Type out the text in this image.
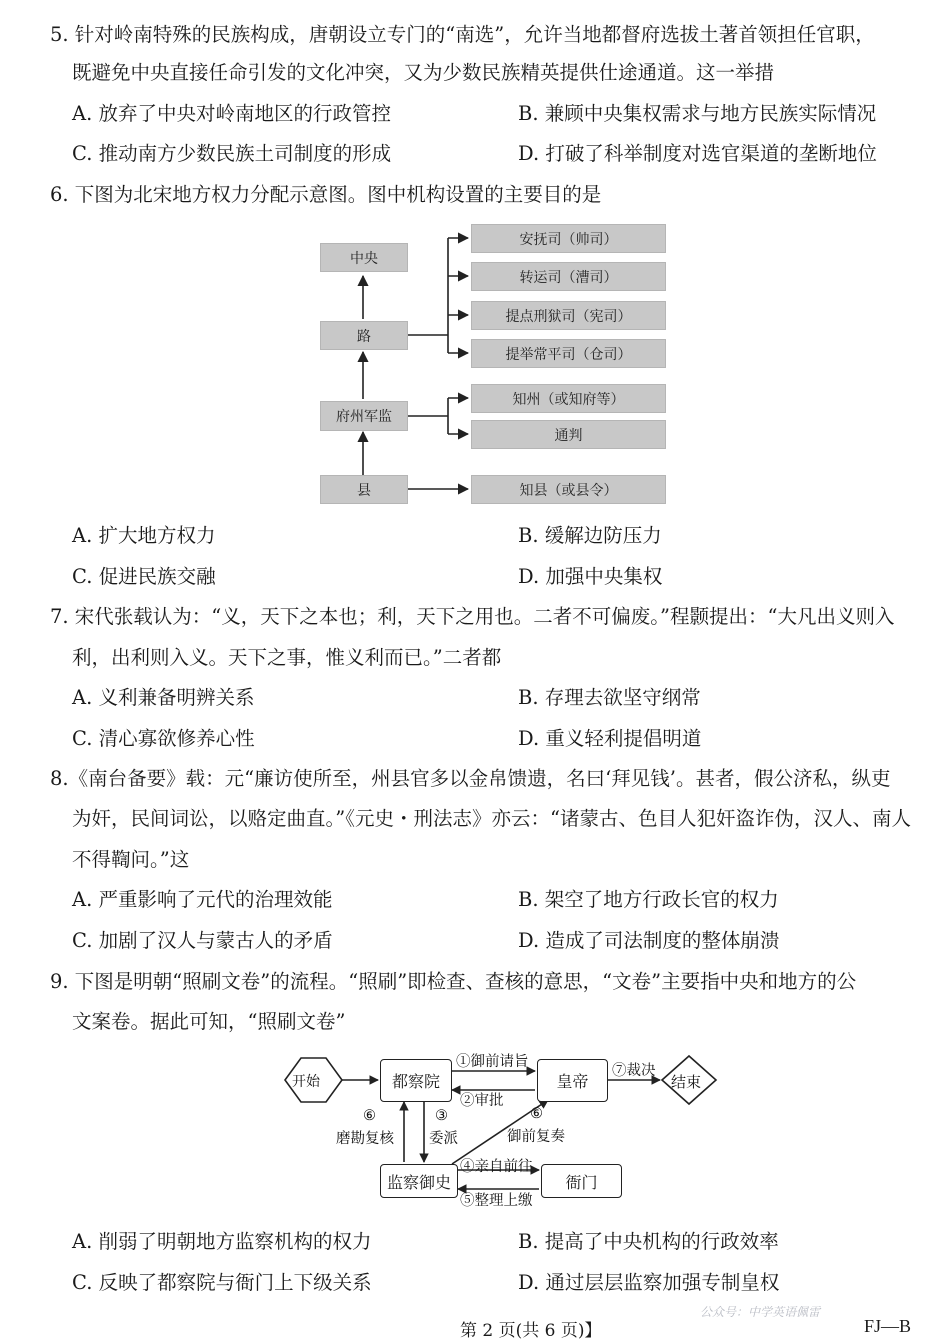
5. 针对岭南特殊的民族构成，唐朝设立专门的“南选”，允许当地都督府选拔土著首领担任官职，
既避免中央直接任命引发的文化冲突，又为少数民族精英提供仕途通道。这一举措
A. 放弃了中央对岭南地区的行政管控	B. 兼顾中央集权需求与地方民族实际情况
C. 推动南方少数民族土司制度的形成	D. 打破了科举制度对选官渠道的垄断地位
6. 下图为北宋地方权力分配示意图。图中机构设置的主要目的是
中央
路
府州军监
县
安抚司（帅司）
转运司（漕司）
提点刑狱司（宪司）
提举常平司（仓司）
知州（或知府等）
通判
知县（或县令）
A. 扩大地方权力	B. 缓解边防压力
C. 促进民族交融	D. 加强中央集权
7. 宋代张载认为：“义，天下之本也；利，天下之用也。二者不可偏废。”程颢提出：“大凡出义则入
利，出利则入义。天下之事，惟义利而已。”二者都
A. 义利兼备明辨关系	B. 存理去欲坚守纲常
C. 清心寡欲修养心性	D. 重义轻利提倡明道
8.《南台备要》载：元“廉访使所至，州县官多以金帛馈遗，名曰‘拜见钱’。甚者，假公济私，纵吏
为奸，民间词讼，以赂定曲直。”《元史・刑法志》亦云：“诸蒙古、色目人犯奸盗诈伪，汉人、南人
不得鞫问。”这
A. 严重影响了元代的治理效能	B. 架空了地方行政长官的权力
C. 加剧了汉人与蒙古人的矛盾	D. 造成了司法制度的整体崩溃
9. 下图是明朝“照刷文卷”的流程。“照刷”即检查、查核的意思，“文卷”主要指中央和地方的公
文案卷。据此可知，“照刷文卷”
开始	都察院	皇帝	结束
监察御史	衙门
①御前请旨
②审批
⑦裁决
⑥
磨勘复核
③
委派
⑥
御前复奏
④亲自前往
⑤整理上缴
A. 削弱了明朝地方监察机构的权力	B. 提高了中央机构的行政效率
C. 反映了都察院与衙门上下级关系	D. 通过层层监察加强专制皇权
第 2 页(共 6 页)】
公众号：中学英语佩雷
FJ—B
